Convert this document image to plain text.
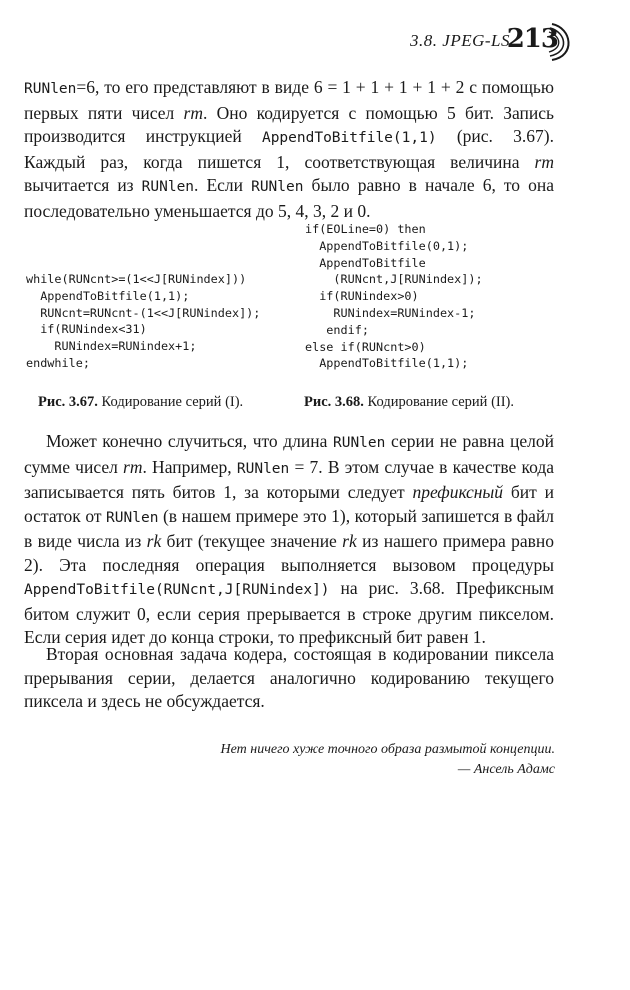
3.8. JPEG-LS
213

RUNlen=6, то его представляют в виде 6 = 1 + 1 + 1 + 1 + 2 с помощью первых пяти чисел rm. Оно кодируется с помощью 5 бит. Запись производится инструкцией AppendToBitfile(1,1) (рис. 3.67). Каждый раз, когда пишется 1, соответствующая величина rm вычитается из RUNlen. Если RUNlen было равно в начале 6, то она последовательно уменьшается до 5, 4, 3, 2 и 0.

while(RUNcnt>=(1<<J[RUNindex]))
AppendToBitfile(1,1);
RUNcnt=RUNcnt-(1<<J[RUNindex]);
if(RUNindex<31)
RUNindex=RUNindex+1;
endwhile;
if(EOLine=0) then
AppendToBitfile(0,1);
AppendToBitfile
(RUNcnt,J[RUNindex]);
if(RUNindex>0)
RUNindex=RUNindex-1;
endif;
else if(RUNcnt>0)
AppendToBitfile(1,1);
Рис. 3.67. Кодирование серий (I).	Рис. 3.68. Кодирование серий (II).

Может конечно случиться, что длина RUNlen серии не равна целой сумме чисел rm. Например, RUNlen = 7. В этом случае в качестве кода записывается пять битов 1, за которыми следует префиксный бит и остаток от RUNlen (в нашем примере это 1), который запишется в файл в виде числа из rk бит (текущее значение rk из нашего примера равно 2). Эта последняя операция выполняется вызовом процедуры AppendToBitfile(RUNcnt,J[RUNindex]) на рис. 3.68. Префиксным битом служит 0, если серия прерывается в строке другим пикселом. Если серия идет до конца строки, то префиксный бит равен 1.

Вторая основная задача кодера, состоящая в кодировании пиксела прерывания серии, делается аналогично кодированию текущего пиксела и здесь не обсуждается.

Нет ничего хуже точного образа размытой концепции.
— Ансель Адамс
